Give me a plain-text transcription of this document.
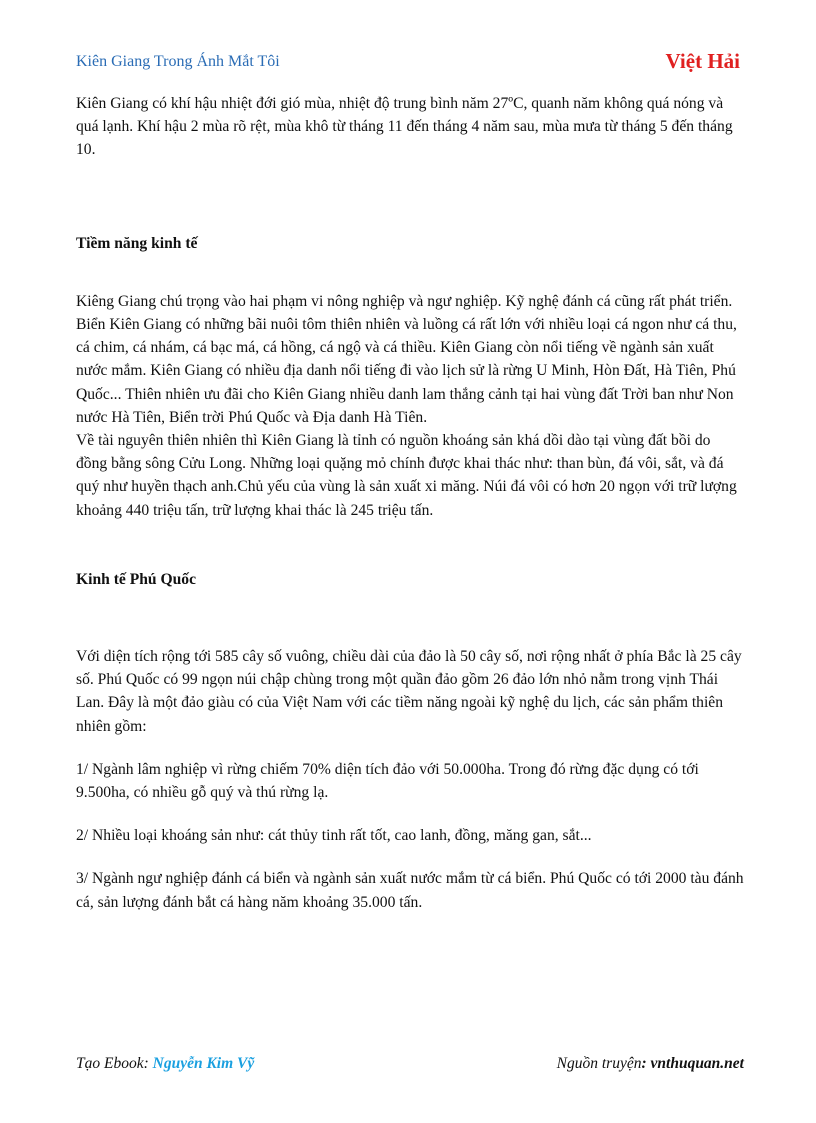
Kiên Giang Trong Ánh Mắt Tôi	Việt Hải

Kiên Giang có khí hậu nhiệt đới gió mùa, nhiệt độ trung bình năm 27ºC, quanh năm không quá nóng và quá lạnh. Khí hậu 2 mùa rõ rệt, mùa khô từ tháng 11 đến tháng 4 năm sau, mùa mưa từ tháng 5 đến tháng 10.

Tiềm năng kinh tế

Kiêng Giang chú trọng vào hai phạm vi nông nghiệp và ngư nghiệp. Kỹ nghệ đánh cá cũng rất phát triển. Biển Kiên Giang có những bãi nuôi tôm thiên nhiên và luồng cá rất lớn với nhiều loại cá ngon như cá thu, cá chim, cá nhám, cá bạc má, cá hồng, cá ngộ và cá thiều. Kiên Giang còn nổi tiếng về ngành sản xuất nước mắm. Kiên Giang có nhiều địa danh nổi tiếng đi vào lịch sử là rừng U Minh, Hòn Đất, Hà Tiên, Phú Quốc... Thiên nhiên ưu đãi cho Kiên Giang nhiều danh lam thắng cảnh tại hai vùng đất Trời ban như Non nước Hà Tiên, Biển trời Phú Quốc và Địa danh Hà Tiên.

Về tài nguyên thiên nhiên thì Kiên Giang là tỉnh có nguồn khoáng sản khá dồi dào tại vùng đất bồi do đồng bằng sông Cửu Long. Những loại quặng mỏ chính được khai thác như: than bùn, đá vôi, sắt, và đá quý như huyền thạch anh.Chủ yếu của vùng là sản xuất xi măng. Núi đá vôi có hơn 20 ngọn với trữ lượng khoảng 440 triệu tấn, trữ lượng khai thác là 245 triệu tấn.

Kinh tế Phú Quốc

Với diện tích rộng tới 585 cây số vuông, chiều dài của đảo là 50 cây số, nơi rộng nhất ở phía Bắc là 25 cây số. Phú Quốc có 99 ngọn núi chập chùng trong một quần đảo gồm 26 đảo lớn nhỏ nằm trong vịnh Thái Lan. Đây là một đảo giàu có của Việt Nam với các tiềm năng ngoài kỹ nghệ du lịch, các sản phẩm thiên nhiên gồm:

1/ Ngành lâm nghiệp vì rừng chiếm 70% diện tích đảo với 50.000ha. Trong đó rừng đặc dụng có tới 9.500ha, có nhiều gỗ quý và thú rừng lạ.

2/ Nhiều loại khoáng sản như: cát thủy tinh rất tốt, cao lanh, đồng, măng gan, sắt...

3/ Ngành ngư nghiệp đánh cá biển và ngành sản xuất nước mắm từ cá biển. Phú Quốc có tới 2000 tàu đánh cá, sản lượng đánh bắt cá hàng năm khoảng 35.000 tấn.

Tạo Ebook: Nguyễn Kim Vỹ	Nguồn truyện: vnthuquan.net
